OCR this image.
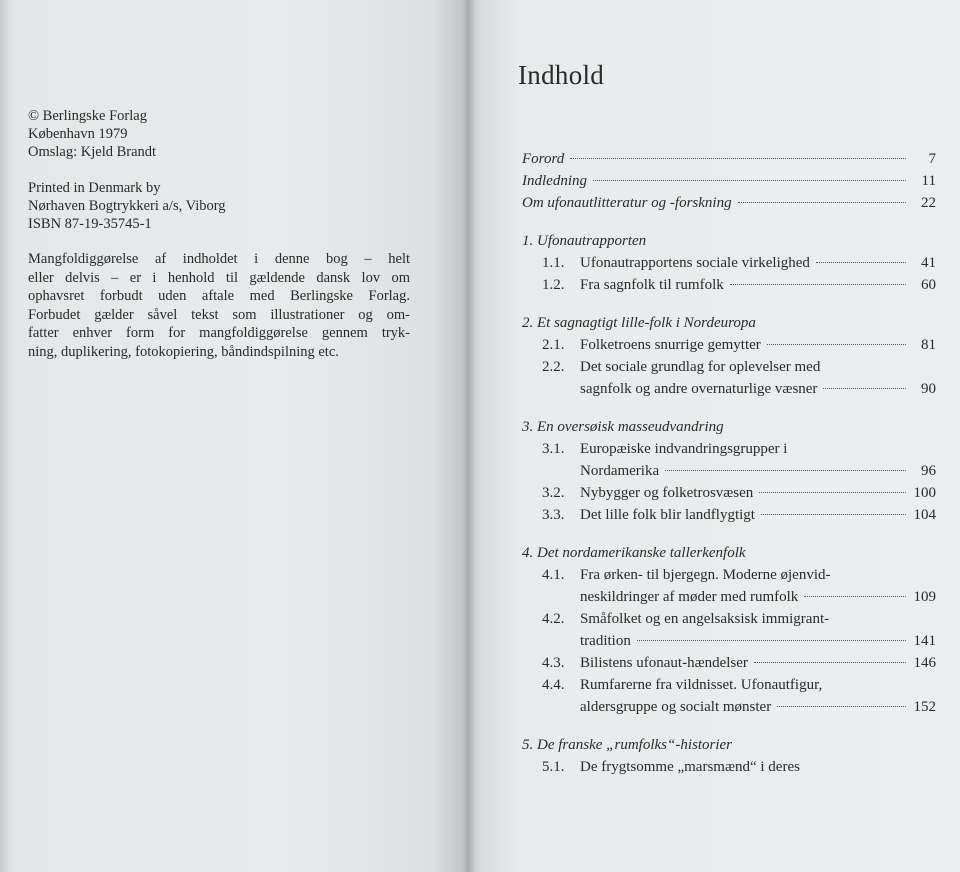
© Berlingske Forlag
København 1979
Omslag: Kjeld Brandt
Printed in Denmark by
Nørhaven Bogtrykkeri a/s, Viborg
ISBN 87-19-35745-1
Mangfoldiggørelse af indholdet i denne bog – helt
eller delvis – er i henhold til gældende dansk lov om
ophavsret forbudt uden aftale med Berlingske Forlag.
Forbudet gælder såvel tekst som illustrationer og om-
fatter enhver form for mangfoldiggørelse gennem tryk-
ning, duplikering, fotokopiering, båndindspilning etc.
Indhold
Forord	7
Indledning	11
Om ufonautlitteratur og -forskning	22
1. Ufonautrapporten
1.1.	Ufonautrapportens sociale virkelighed	41
1.2.	Fra sagnfolk til rumfolk	60
2. Et sagnagtigt lille-folk i Nordeuropa
2.1.	Folketroens snurrige gemytter	81
2.2.	Det sociale grundlag for oplevelser med
sagnfolk og andre overnaturlige væsner	90
3. En oversøisk masseudvandring
3.1.	Europæiske indvandringsgrupper i
Nordamerika	96
3.2.	Nybygger og folketrosvæsen	100
3.3.	Det lille folk blir landflygtigt	104
4. Det nordamerikanske tallerkenfolk
4.1.	Fra ørken- til bjergegn. Moderne øjenvid-
neskildringer af møder med rumfolk	109
4.2.	Småfolket og en angelsaksisk immigrant-
tradition	141
4.3.	Bilistens ufonaut-hændelser	146
4.4.	Rumfarerne fra vildnisset. Ufonautfigur,
aldersgruppe og socialt mønster	152
5. De franske „rumfolks“-historier
5.1.	De frygtsomme „marsmænd“ i deres
